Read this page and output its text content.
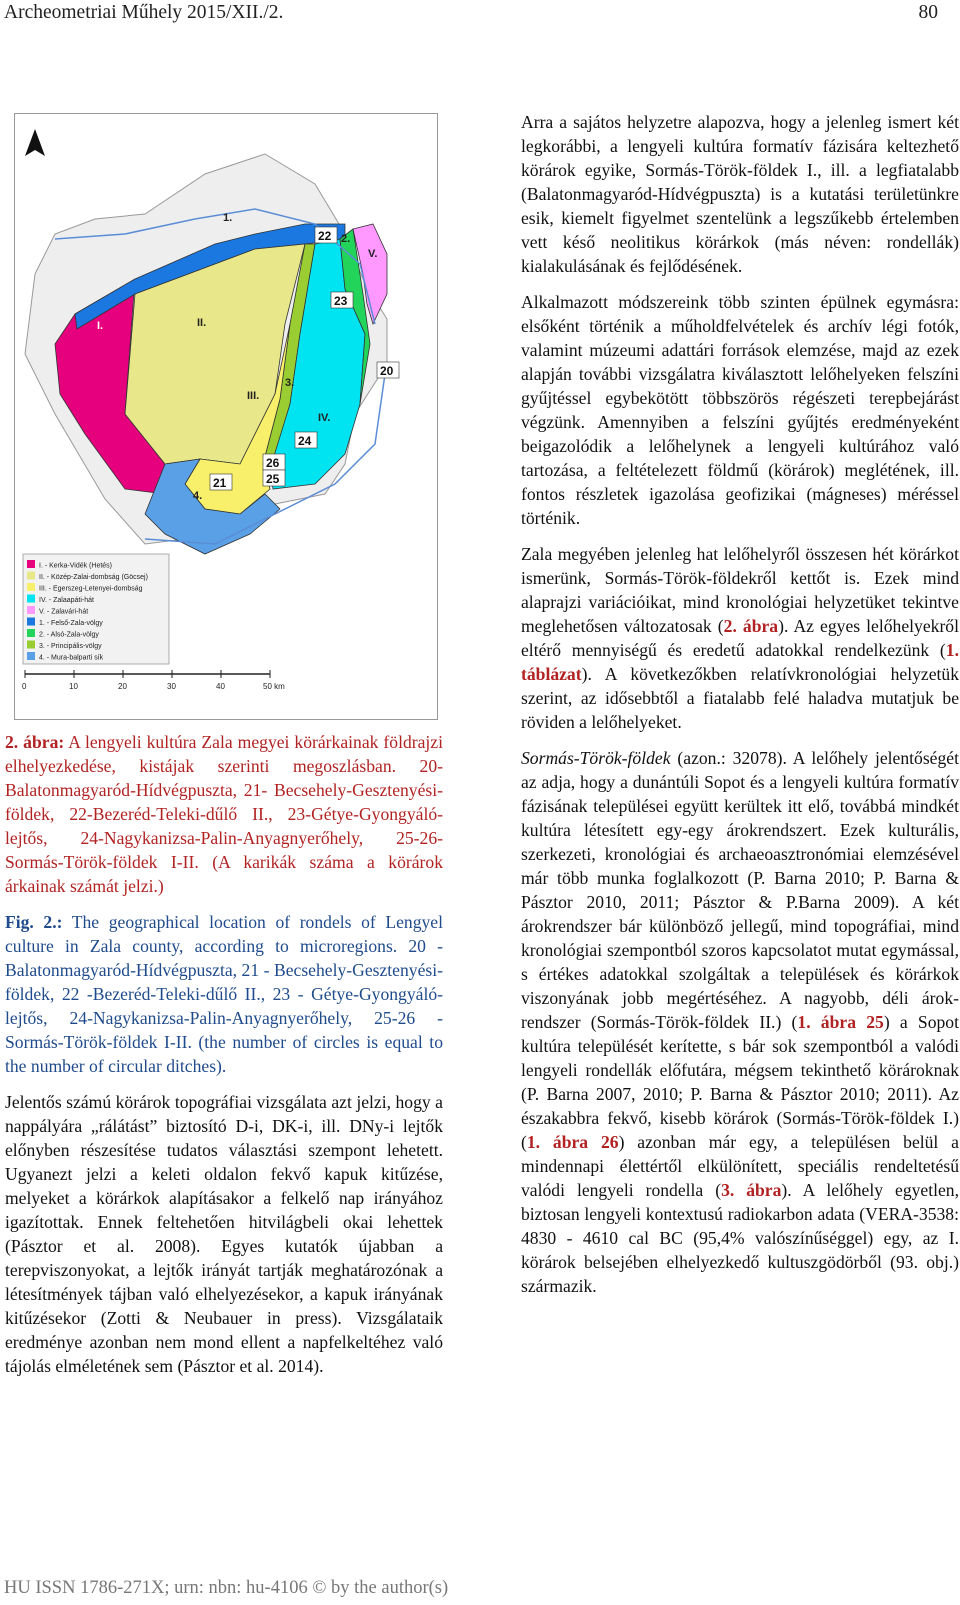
Archeometriai Műhely 2015/XII./2.	80
I.	II.
III.
IV.
V.
1.
2.
3.
4.
20
21
22
23
24
26
25
I. - Kerka-Vidék (Hetés)
II. - Közép-Zalai-dombság (Göcsej)
III. - Egerszeg-Letenyei-dombság
IV. - Zalaapáti-hát
V. - Zalavári-hát
1. - Felső-Zala-völgy
2. - Alsó-Zala-völgy
3. - Principális-völgy
4. - Mura-balparti sík
0	10	20	30	40	50 km

2. ábra: A lengyeli kultúra Zala megyei körárkainak földrajzi elhelyezkedése, kistájak szerinti megoszlásban. 20- Balatonmagyaród-Hídvégpuszta, 21- Becsehely-Gesztenyési-földek, 22-Bezeréd-Teleki-dűlő II., 23-Gétye-Gyongyáló-lejtős, 24-Nagykanizsa-Palin-Anyagnyerőhely, 25-26- Sormás-Török-földek I-II. (A karikák száma a körárok árkainak számát jelzi.)

Fig. 2.: The geographical location of rondels of Lengyel culture in Zala county, according to microregions. 20 - Balatonmagyaród-Hídvégpuszta, 21 - Becsehely-Gesztenyési-földek, 22 -Bezeréd-Teleki-dűlő II., 23 - Gétye-Gyongyáló-lejtős, 24-Nagykanizsa-Palin-Anyagnyerőhely, 25-26 - Sormás-Török-földek I-II. (the number of circles is equal to the number of circular ditches).

Jelentős számú körárok topográfiai vizsgálata azt jelzi, hogy a nappályára „rálátást” biztosító D-i, DK-i, ill. DNy-i lejtők előnyben részesítése tudatos választási szempont lehetett. Ugyanezt jelzi a keleti oldalon fekvő kapuk kitűzése, melyeket a körárkok alapításakor a felkelő nap irányához igazítottak. Ennek feltehetően hitvilágbeli okai lehettek (Pásztor et al. 2008). Egyes kutatók újabban a terepviszonyokat, a lejtők irányát tartják meghatározónak a létesítmények tájban való elhelyezésekor, a kapuk irányának kitűzésekor (Zotti & Neubauer in press). Vizsgálataik eredménye azonban nem mond ellent a napfelkeltéhez való tájolás elméletének sem (Pásztor et al. 2014).

Arra a sajátos helyzetre alapozva, hogy a jelenleg ismert két legkorábbi, a lengyeli kultúra formatív fázisára keltezhető körárok egyike, Sormás-Török-földek I., ill. a legfiatalabb (Balatonmagyaród-Hídvégpuszta) is a kutatási területünkre esik, kiemelt figyelmet szentelünk a legszűkebb értelemben vett késő neolitikus körárkok (más néven: rondellák) kialakulásának és fejlődésének.

Alkalmazott módszereink több szinten épülnek egymásra: elsőként történik a műholdfelvételek és archív légi fotók, valamint múzeumi adattári források elemzése, majd az ezek alapján további vizsgálatra kiválasztott lelőhelyeken felszíni gyűjtéssel egybekötött többszörös régészeti terepbejárást végzünk. Amennyiben a felszíni gyűjtés eredményeként beigazolódik a lelőhelynek a lengyeli kultúrához való tartozása, a feltételezett földmű (körárok) meglétének, ill. fontos részletek igazolása geofizikai (mágneses) méréssel történik.

Zala megyében jelenleg hat lelőhelyről összesen hét körárkot ismerünk, Sormás-Török-földekről kettőt is. Ezek mind alaprajzi variációikat, mind kronológiai helyzetüket tekintve meglehetősen változatosak (2. ábra). Az egyes lelőhelyekről eltérő mennyiségű és eredetű adatokkal rendelkezünk (1. táblázat). A következőkben relatívkronológiai helyzetük szerint, az idősebbtől a fiatalabb felé haladva mutatjuk be röviden a lelőhelyeket.

Sormás-Török-földek (azon.: 32078). A lelőhely jelentőségét az adja, hogy a dunántúli Sopot és a lengyeli kultúra formatív fázisának települései együtt kerültek itt elő, továbbá mindkét kultúra létesített egy-egy árokrendszert. Ezek kulturális, szerkezeti, kronológiai és archaeoasztronómiai elemzésével már több munka foglalkozott (P. Barna 2010; P. Barna & Pásztor 2010, 2011; Pásztor & P.Barna 2009). A két árokrendszer bár különböző jellegű, mind topográfiai, mind kronológiai szempontból szoros kapcsolatot mutat egymással, s értékes adatokkal szolgáltak a települések és körárkok viszonyának jobb megértéséhez. A nagyobb, déli árok-rendszer (Sormás-Török-földek II.) (1. ábra 25) a Sopot kultúra települését kerítette, s bár sok szempontból a valódi lengyeli rondellák előfutára, mégsem tekinthető körároknak (P. Barna 2007, 2010; P. Barna & Pásztor 2010; 2011). Az északabbra fekvő, kisebb körárok (Sormás-Török-földek I.) (1. ábra 26) azonban már egy, a településen belül a mindennapi élettértől elkülönített, speciális rendeltetésű valódi lengyeli rondella (3. ábra). A lelőhely egyetlen, biztosan lengyeli kontextusú radiokarbon adata (VERA-3538: 4830 - 4610 cal BC (95,4% valószínűséggel) egy, az I. körárok belsejében elhelyezkedő kultuszgödörből (93. obj.) származik.

HU ISSN 1786-271X; urn: nbn: hu-4106 © by the author(s)
